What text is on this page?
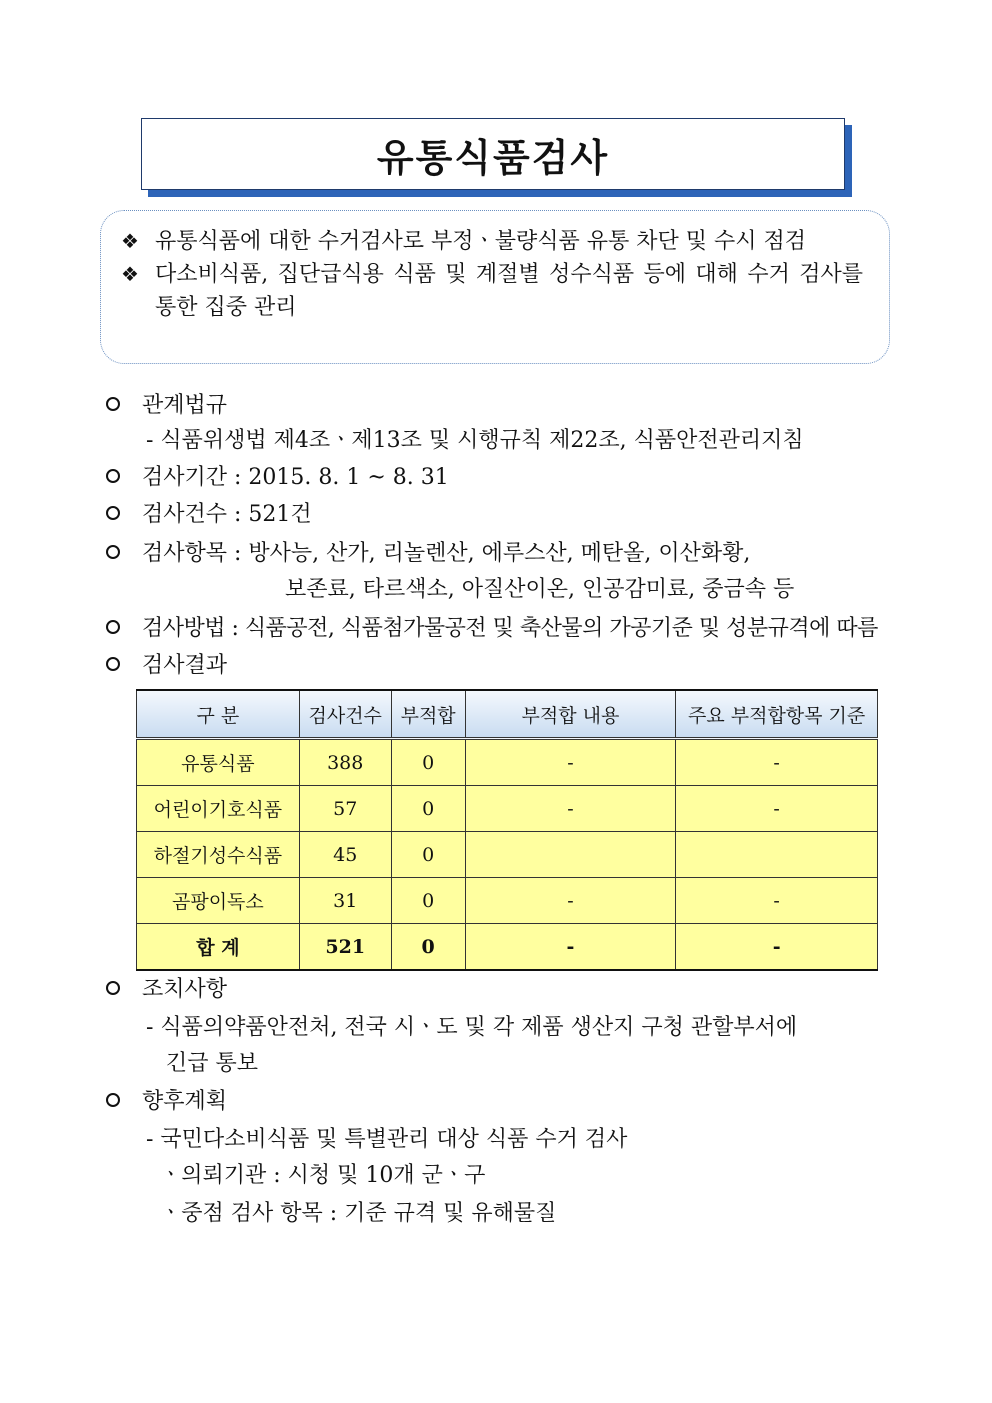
유통식품검사
❖ 유통식품에 대한 수거검사로 부정ㆍ불량식품 유통 차단 및 수시 점검
❖ 다소비식품, 집단급식용 식품 및 계절별 성수식품 등에 대해 수거 검사를 통한 집중 관리
관계법규
- 식품위생법 제4조ㆍ제13조 및 시행규칙 제22조, 식품안전관리지침
검사기간 : 2015. 8. 1 ~ 8. 31
검사건수 : 521건
검사항목 : 방사능, 산가, 리놀렌산, 에루스산, 메탄올, 이산화황,
보존료, 타르색소, 아질산이온, 인공감미료, 중금속 등
검사방법 : 식품공전, 식품첨가물공전 및 축산물의 가공기준 및 성분규격에 따름
검사결과
구 분	검사건수	부적합	부적합 내용	주요 부적합항목 기준
유통식품	388	0	-	-
어린이기호식품	57	0	-	-
하절기성수식품	45	0		
곰팡이독소	31	0	-	-
합 계	521	0	-	-
조치사항
- 식품의약품안전처, 전국 시ㆍ도 및 각 제품 생산지 구청 관할부서에
긴급 통보
향후계획
- 국민다소비식품 및 특별관리 대상 식품 수거 검사
ㆍ의뢰기관 : 시청 및 10개 군ㆍ구
ㆍ중점 검사 항목 : 기준 규격 및 유해물질
